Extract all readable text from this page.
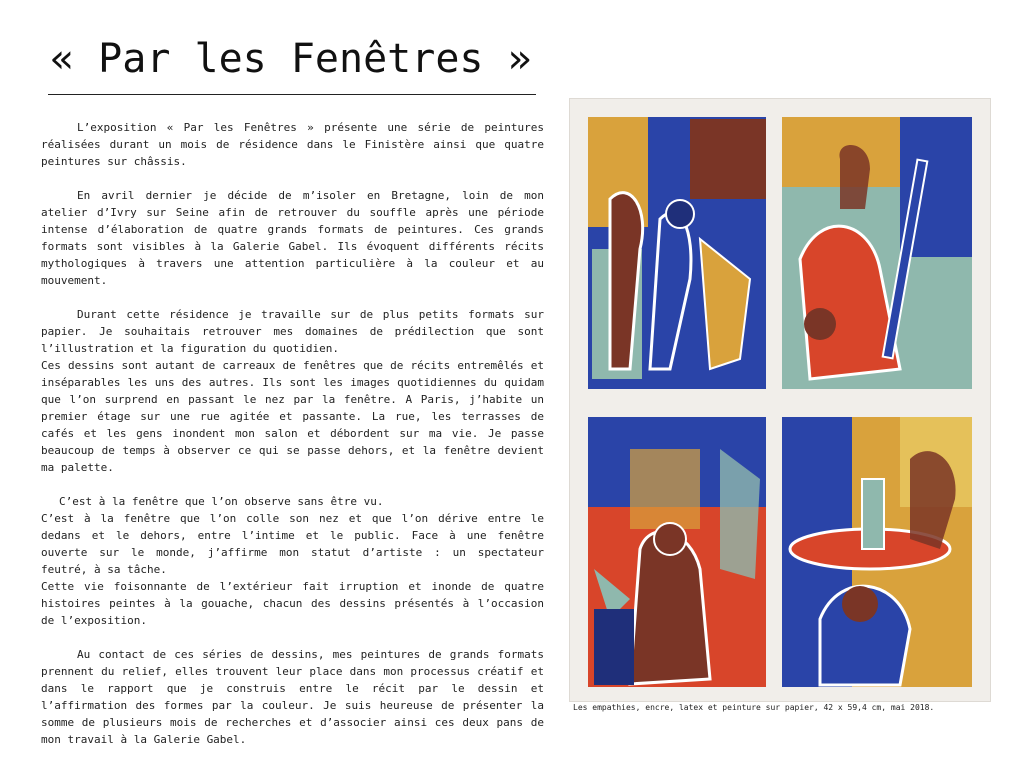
« Par les Fenêtres »

L’exposition « Par les Fenêtres » présente une série de peintures réalisées durant un mois de résidence dans le Finistère ainsi que quatre peintures sur châssis.

En avril dernier je décide de m’isoler en Bretagne, loin de mon atelier d’Ivry sur Seine afin de retrouver du souffle après une période intense d’élaboration de quatre grands formats de peintures. Ces grands formats sont visibles à la Galerie Gabel. Ils évoquent différents récits mythologiques à travers une attention particulière à la couleur et au mouvement.

Durant cette résidence je travaille sur de plus petits formats sur papier. Je souhaitais retrouver mes domaines de prédilection que sont l’illustration et la figuration du quotidien.

Ces dessins sont autant de carreaux de fenêtres que de récits entremêlés et inséparables les uns des autres. Ils sont les images quotidiennes du quidam que l’on surprend en passant le nez par la fenêtre. A Paris, j’habite un premier étage sur une rue agitée et passante. La rue, les terrasses de cafés et les gens inondent mon salon et débordent sur ma vie. Je passe beaucoup de temps à observer ce qui se passe dehors, et la fenêtre devient ma palette.

C’est à la fenêtre que l’on observe sans être vu.

C’est à la fenêtre que l’on colle son nez et que l’on dérive entre le dedans et le dehors, entre l’intime et le public. Face à une fenêtre ouverte sur le monde, j’affirme mon statut d’artiste : un spectateur feutré, à sa tâche.

Cette vie foisonnante de l’extérieur fait irruption et inonde de quatre histoires peintes à la gouache, chacun des dessins présentés à l’occasion de l’exposition.

Au contact de ces séries de dessins, mes peintures de grands formats prennent du relief, elles trouvent leur place dans mon processus créatif et dans le rapport que je construis entre le récit par le dessin et l’affirmation des formes par la couleur. Je suis heureuse de présenter la somme de plusieurs mois de recherches et d’associer ainsi ces deux pans de mon travail à la Galerie Gabel.

Les empathies, encre, latex et peinture sur papier, 42 x 59,4 cm, mai 2018.
